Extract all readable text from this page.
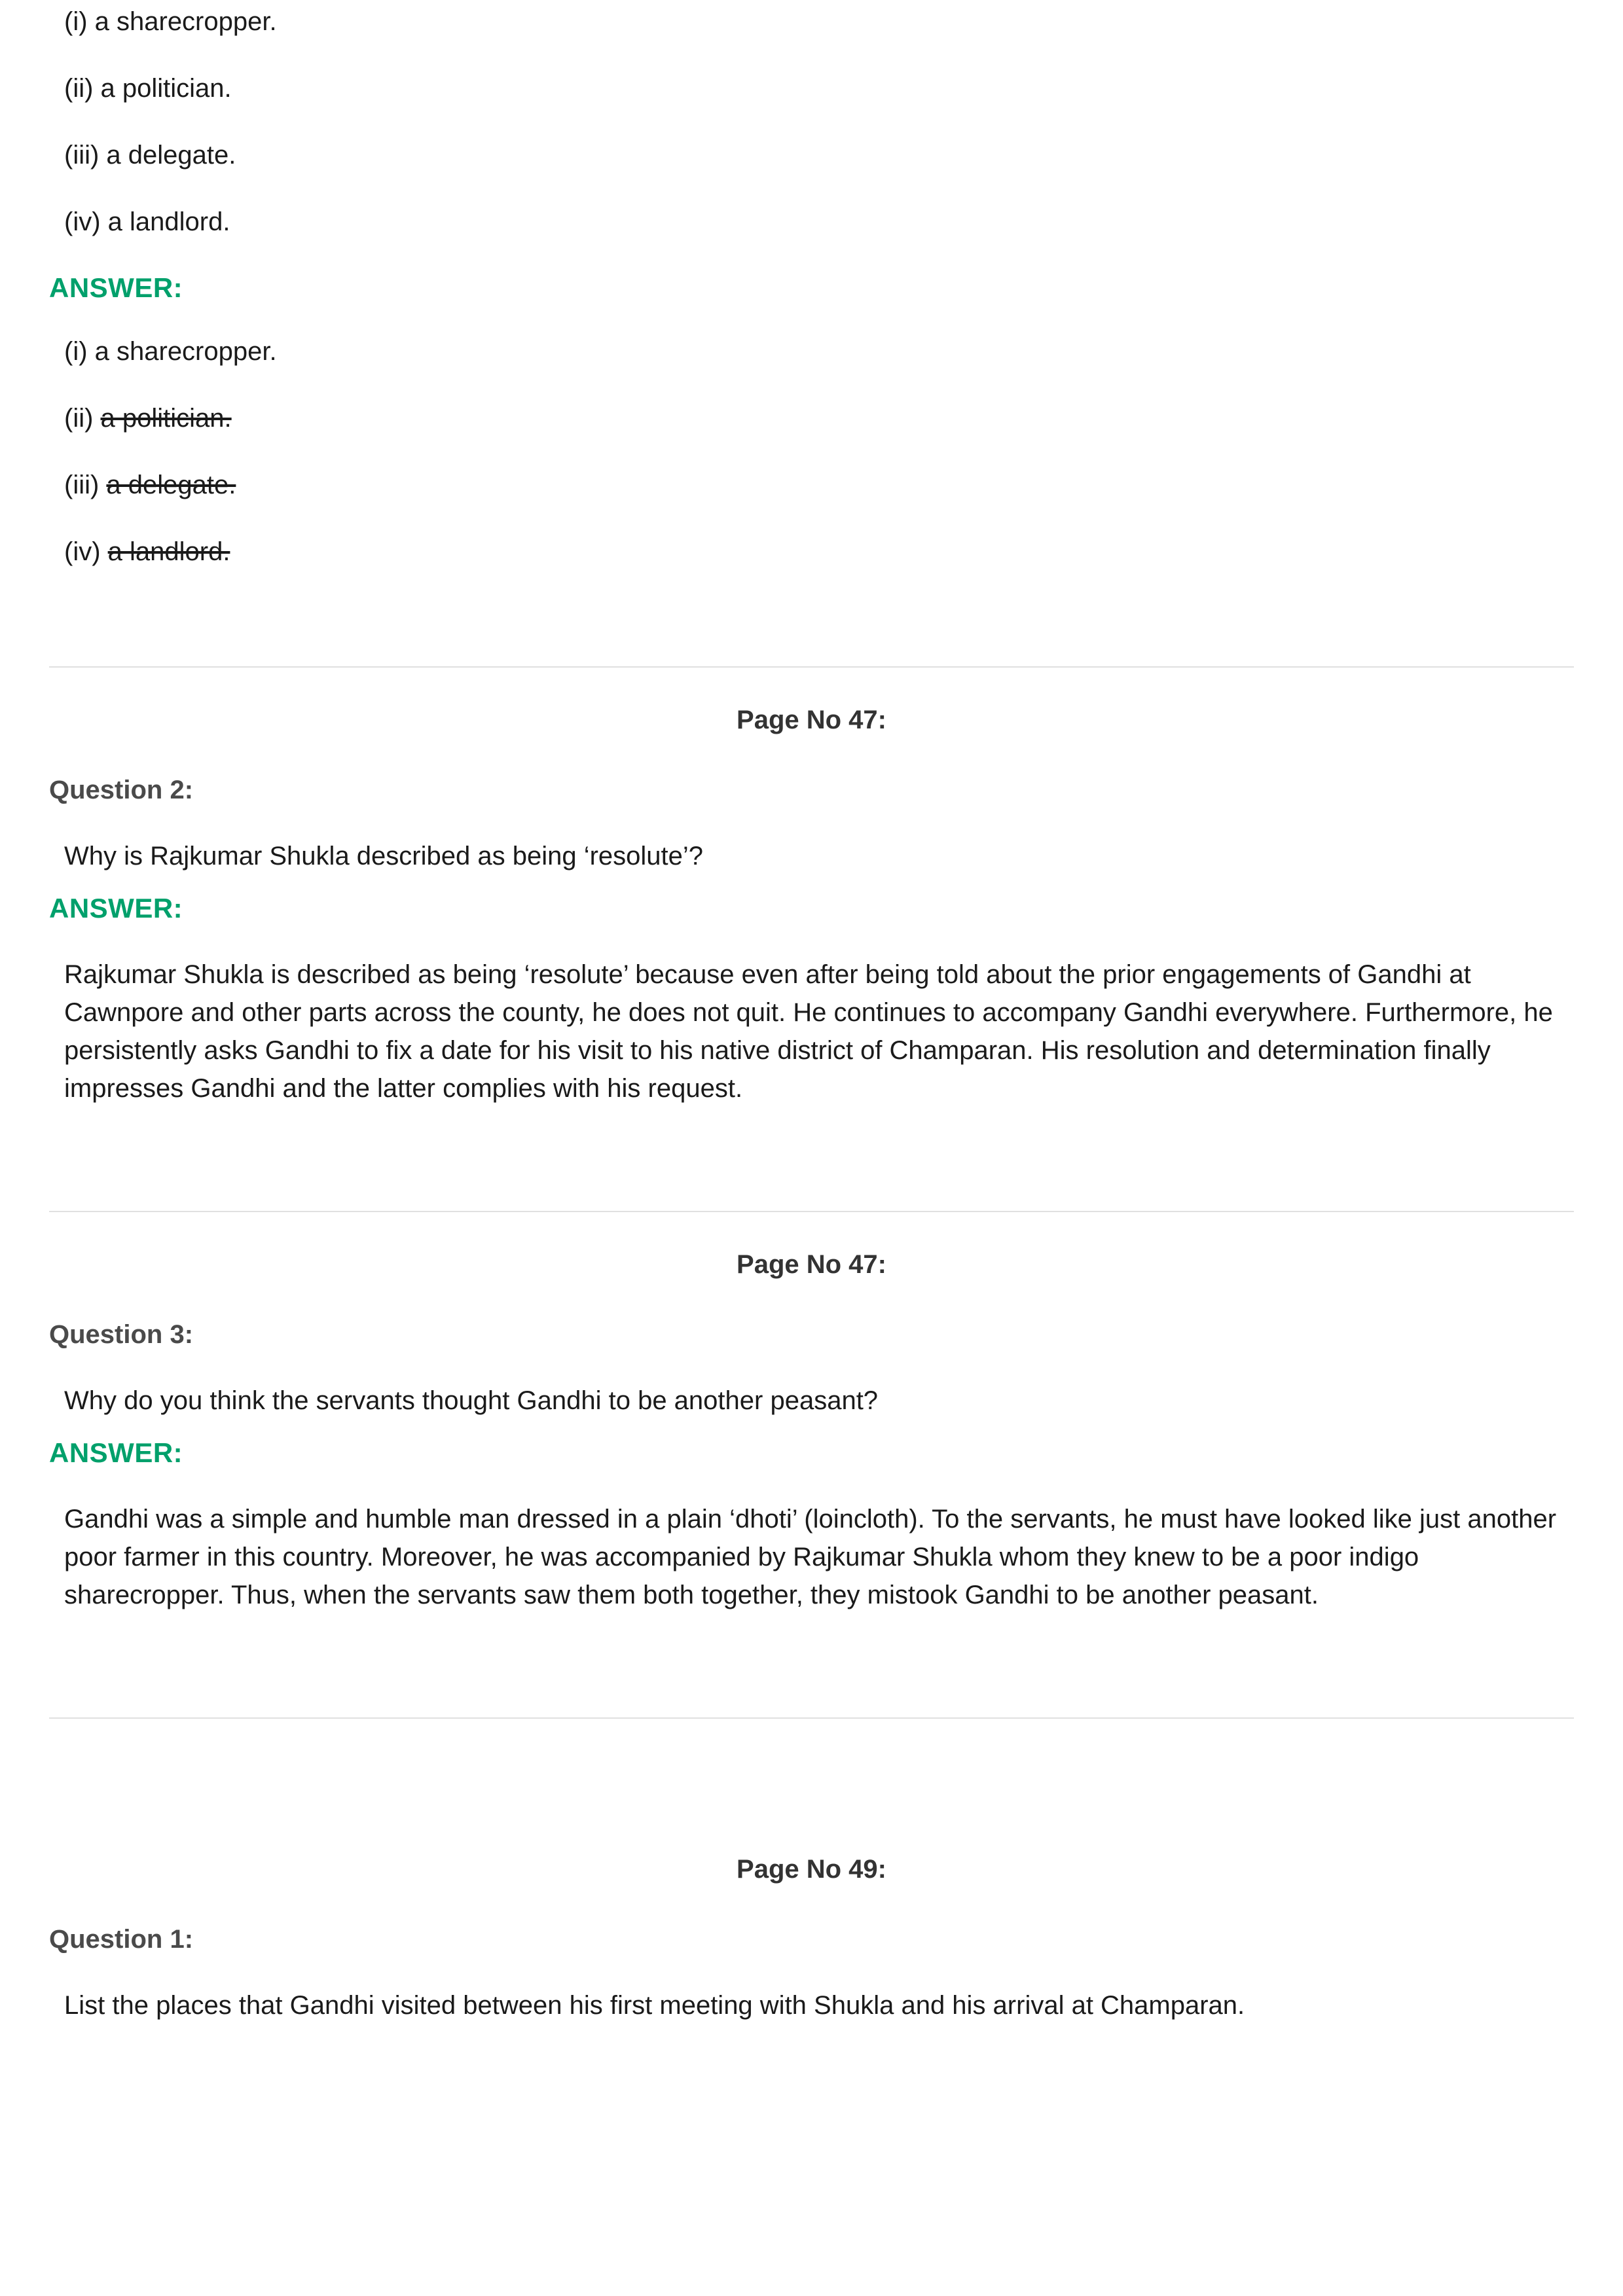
(i) a sharecropper.

(ii) a politician.

(iii) a delegate.

(iv) a landlord.

ANSWER:

(i) a sharecropper.

(ii) a politician.

(iii) a delegate.

(iv) a landlord.

Page No 47:

Question 2:

Why is Rajkumar Shukla described as being ‘resolute’?

ANSWER:

Rajkumar Shukla is described as being ‘resolute’ because even after being told about the prior engagements of Gandhi at Cawnpore and other parts across the county, he does not quit. He continues to accompany Gandhi everywhere. Furthermore, he persistently asks Gandhi to fix a date for his visit to his native district of Champaran. His resolution and determination finally impresses Gandhi and the latter complies with his request.

Page No 47:

Question 3:

Why do you think the servants thought Gandhi to be another peasant?

ANSWER:

Gandhi was a simple and humble man dressed in a plain ‘dhoti’ (loincloth). To the servants, he must have looked like just another poor farmer in this country. Moreover, he was accompanied by Rajkumar Shukla whom they knew to be a poor indigo sharecropper. Thus, when the servants saw them both together, they mistook Gandhi to be another peasant.

Page No 49:

Question 1:

List the places that Gandhi visited between his first meeting with Shukla and his arrival at Champaran.
